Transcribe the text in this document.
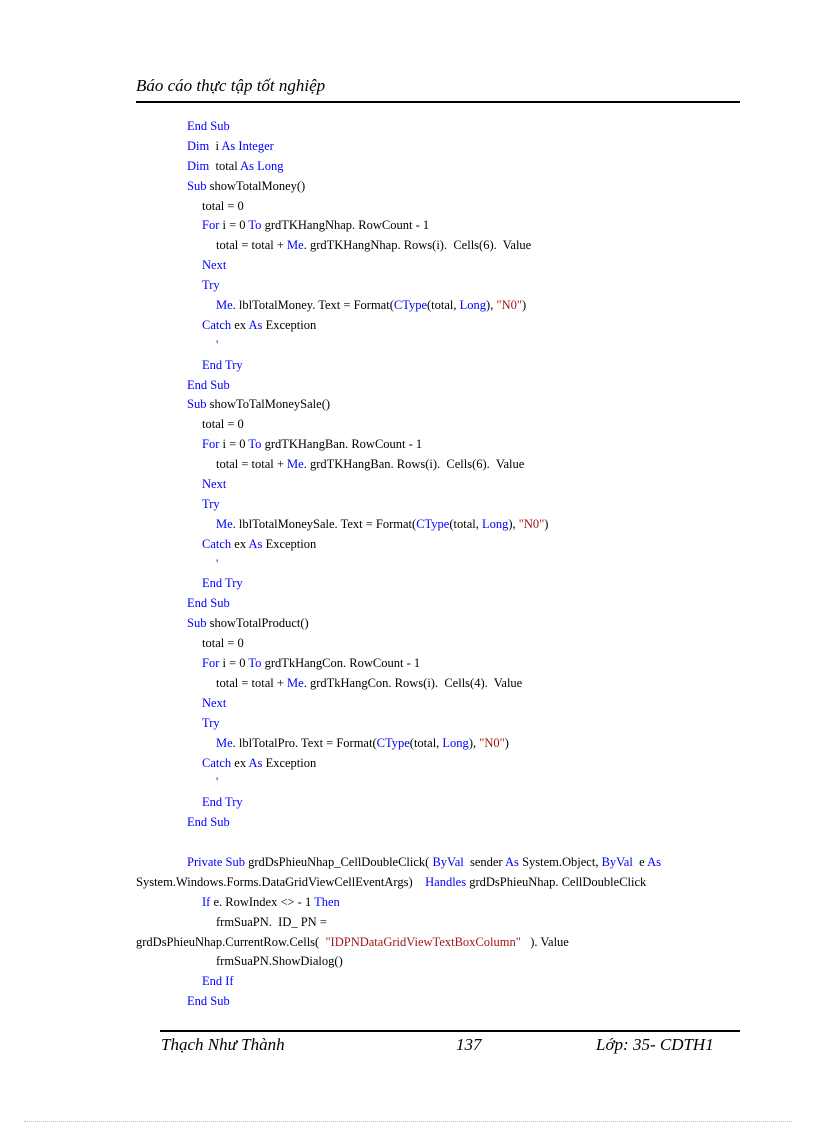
Báo cáo thực tập tốt nghiệp
End Sub
Dim  i As Integer
Dim  total As Long
Sub showTotalMoney()
total = 0
For i = 0 To grdTKHangNhap. RowCount - 1
total = total + Me. grdTKHangNhap. Rows(i).  Cells(6).  Value
Next
Try
Me. lblTotalMoney. Text = Format(CType(total, Long), "N0")
Catch ex As Exception
'
End Try
End Sub
Sub showToTalMoneySale()
total = 0
For i = 0 To grdTKHangBan. RowCount - 1
total = total + Me. grdTKHangBan. Rows(i).  Cells(6).  Value
Next
Try
Me. lblTotalMoneySale. Text = Format(CType(total, Long), "N0")
Catch ex As Exception
'
End Try
End Sub
Sub showTotalProduct()
total = 0
For i = 0 To grdTkHangCon. RowCount - 1
total = total + Me. grdTkHangCon. Rows(i).  Cells(4).  Value
Next
Try
Me. lblTotalPro. Text = Format(CType(total, Long), "N0")
Catch ex As Exception
'
End Try
End Sub
Private Sub grdDsPhieuNhap_CellDoubleClick( ByVal  sender As System.Object, ByVal  e As
System.Windows.Forms.DataGridViewCellEventArgs)    Handles grdDsPhieuNhap. CellDoubleClick
If e. RowIndex <> - 1 Then
frmSuaPN.  ID_ PN =
grdDsPhieuNhap.CurrentRow.Cells(  "IDPNDataGridViewTextBoxColumn"   ). Value
frmSuaPN.ShowDialog()
End If
End Sub
Thạch Như Thành	137	Lớp: 35- CDTH1
